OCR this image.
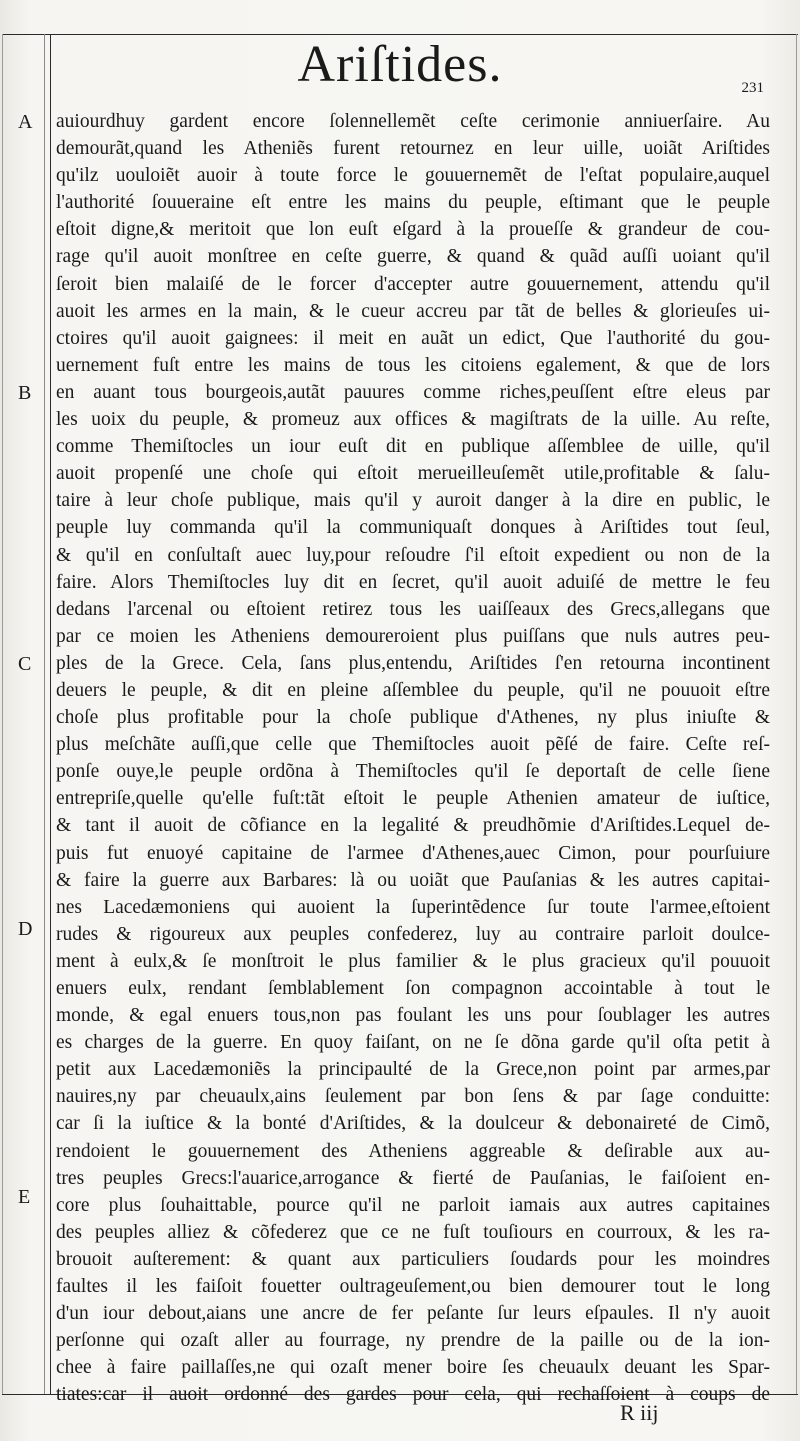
Ariſtides.	231
A
B
C
D
E
auiourdhuy gardent encore ſolennellemẽt ceſte cerimonie anniuerſaire. Au
demourãt,quand les Atheniẽs furent retournez en leur uille, uoiãt Ariſtides
qu'ilz uouloiẽt auoir à toute force le gouuernemẽt de l'eſtat populaire,auquel
l'authorité ſouueraine eſt entre les mains du peuple, eſtimant que le peuple
eſtoit digne,& meritoit que lon euſt eſgard à la proueſſe & grandeur de cou-
rage qu'il auoit monſtree en ceſte guerre, & quand & quãd auſſi uoiant qu'il
ſeroit bien malaiſé de le forcer d'accepter autre gouuernement, attendu qu'il
auoit les armes en la main, & le cueur accreu par tãt de belles & glorieuſes ui-
ctoires qu'il auoit gaignees: il meit en auãt un edict, Que l'authorité du gou-
uernement fuſt entre les mains de tous les citoiens egalement, & que de lors
en auant tous bourgeois,autãt pauures comme riches,peuſſent eſtre eleus par
les uoix du peuple, & promeuz aux offices & magiſtrats de la uille. Au reſte,
comme Themiſtocles un iour euſt dit en publique aſſemblee de uille, qu'il
auoit propenſé une choſe qui eſtoit merueilleuſemẽt utile,profitable & ſalu-
taire à leur choſe publique, mais qu'il y auroit danger à la dire en public, le
peuple luy commanda qu'il la communiquaſt donques à Ariſtides tout ſeul,
& qu'il en conſultaſt auec luy,pour reſoudre ſ'il eſtoit expedient ou non de la
faire. Alors Themiſtocles luy dit en ſecret, qu'il auoit aduiſé de mettre le feu
dedans l'arcenal ou eſtoient retirez tous les uaiſſeaux des Grecs,allegans que
par ce moien les Atheniens demoureroient plus puiſſans que nuls autres peu-
ples de la Grece. Cela, ſans plus,entendu, Ariſtides ſ'en retourna incontinent
deuers le peuple, & dit en pleine aſſemblee du peuple, qu'il ne pouuoit eſtre
choſe plus profitable pour la choſe publique d'Athenes, ny plus iniuſte &
plus meſchãte auſſi,que celle que Themiſtocles auoit pẽſé de faire. Ceſte reſ-
ponſe ouye,le peuple ordõna à Themiſtocles qu'il ſe deportaſt de celle ſiene
entrepriſe,quelle qu'elle fuſt:tãt eſtoit le peuple Athenien amateur de iuſtice,
& tant il auoit de cõfiance en la legalité & preudhõmie d'Ariſtides.Lequel de-
puis fut enuoyé capitaine de l'armee d'Athenes,auec Cimon, pour pourſuiure
& faire la guerre aux Barbares: là ou uoiãt que Pauſanias & les autres capitai-
nes Lacedæmoniens qui auoient la ſuperintẽdence ſur toute l'armee,eſtoient
rudes & rigoureux aux peuples confederez, luy au contraire parloit doulce-
ment à eulx,& ſe monſtroit le plus familier & le plus gracieux qu'il pouuoit
enuers eulx, rendant ſemblablement ſon compagnon accointable à tout le
monde, & egal enuers tous,non pas foulant les uns pour ſoublager les autres
es charges de la guerre. En quoy faiſant, on ne ſe dõna garde qu'il oſta petit à
petit aux Lacedæmoniẽs la principaulté de la Grece,non point par armes,par
nauires,ny par cheuaulx,ains ſeulement par bon ſens & par ſage conduitte:
car ſi la iuſtice & la bonté d'Ariſtides, & la doulceur & debonaireté de Cimõ,
rendoient le gouuernement des Atheniens aggreable & deſirable aux au-
tres peuples Grecs:l'auarice,arrogance & fierté de Pauſanias, le faiſoient en-
core plus ſouhaittable, pource qu'il ne parloit iamais aux autres capitaines
des peuples alliez & cõfederez que ce ne fuſt touſiours en courroux, & les ra-
brouoit auſterement: & quant aux particuliers ſoudards pour les moindres
faultes il les faiſoit fouetter oultrageuſement,ou bien demourer tout le long
d'un iour debout,aians une ancre de fer peſante ſur leurs eſpaules. Il n'y auoit
perſonne qui ozaſt aller au fourrage, ny prendre de la paille ou de la ion-
chee à faire paillaſſes,ne qui ozaſt mener boire ſes cheuaulx deuant les Spar-
tiates:car il auoit ordonné des gardes pour cela, qui rechaſſoient à coups de
R iij
